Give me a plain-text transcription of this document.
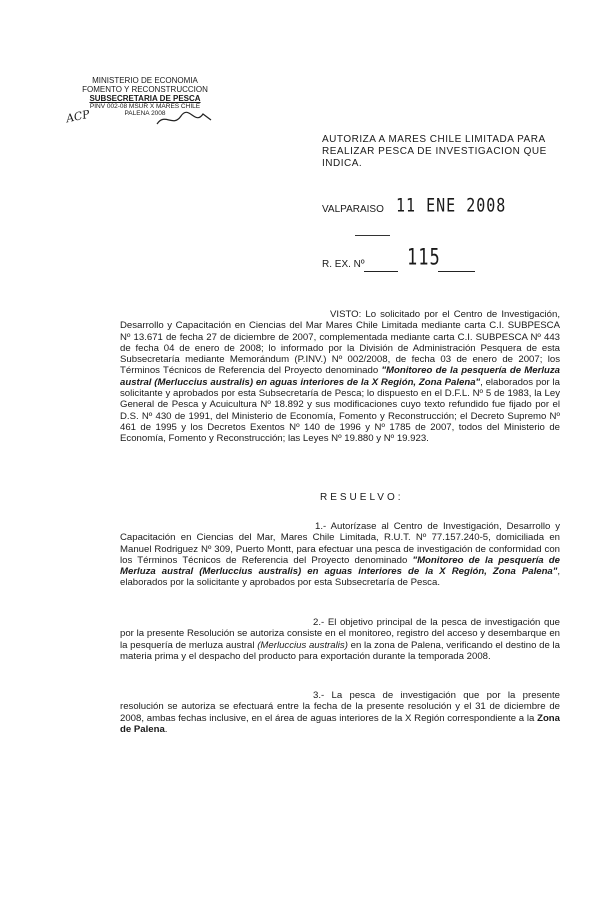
MINISTERIO DE ECONOMIA
FOMENTO Y RECONSTRUCCION
SUBSECRETARIA DE PESCA
PINV 002-08 MSUR X MARES CHILE
PALENA 2008
ACP
AUTORIZA A MARES CHILE LIMITADA PARA REALIZAR PESCA DE INVESTIGACION QUE INDICA.
VALPARAISO 11 ENE 2008
R. EX. Nº 115
VISTO: Lo solicitado por el Centro de Investigación, Desarrollo y Capacitación en Ciencias del Mar Mares Chile Limitada mediante carta C.I. SUBPESCA Nº 13.671 de fecha 27 de diciembre de 2007, complementada mediante carta C.I. SUBPESCA Nº 443 de fecha 04 de enero de 2008; lo informado por la División de Administración Pesquera de esta Subsecretaría mediante Memorándum (P.INV.) Nº 002/2008, de fecha 03 de enero de 2007; los Términos Técnicos de Referencia del Proyecto denominado "Monitoreo de la pesquería de Merluza austral (Merluccius australis) en aguas interiores de la X Región, Zona Palena", elaborados por la solicitante y aprobados por esta Subsecretaría de Pesca; lo dispuesto en el D.F.L. Nº 5 de 1983, la Ley General de Pesca y Acuicultura Nº 18.892 y sus modificaciones cuyo texto refundido fue fijado por el D.S. Nº 430 de 1991, del Ministerio de Economía, Fomento y Reconstrucción; el Decreto Supremo Nº 461 de 1995 y los Decretos Exentos Nº 140 de 1996 y Nº 1785 de 2007, todos del Ministerio de Economía, Fomento y Reconstrucción; las Leyes Nº 19.880 y Nº 19.923.
RESUELVO:
1.- Autorízase al Centro de Investigación, Desarrollo y Capacitación en Ciencias del Mar, Mares Chile Limitada, R.U.T. Nº 77.157.240-5, domiciliada en Manuel Rodriguez Nº 309, Puerto Montt, para efectuar una pesca de investigación de conformidad con los Términos Técnicos de Referencia del Proyecto denominado "Monitoreo de la pesquería de Merluza austral (Merluccius australis) en aguas interiores de la X Región, Zona Palena", elaborados por la solicitante y aprobados por esta Subsecretaría de Pesca.
2.- El objetivo principal de la pesca de investigación que por la presente Resolución se autoriza consiste en el monitoreo, registro del acceso y desembarque en la pesquería de merluza austral (Merluccius australis) en la zona de Palena, verificando el destino de la materia prima y el despacho del producto para exportación durante la temporada 2008.
3.- La pesca de investigación que por la presente resolución se autoriza se efectuará entre la fecha de la presente resolución y el 31 de diciembre de 2008, ambas fechas inclusive, en el área de aguas interiores de la X Región correspondiente a la Zona de Palena.
